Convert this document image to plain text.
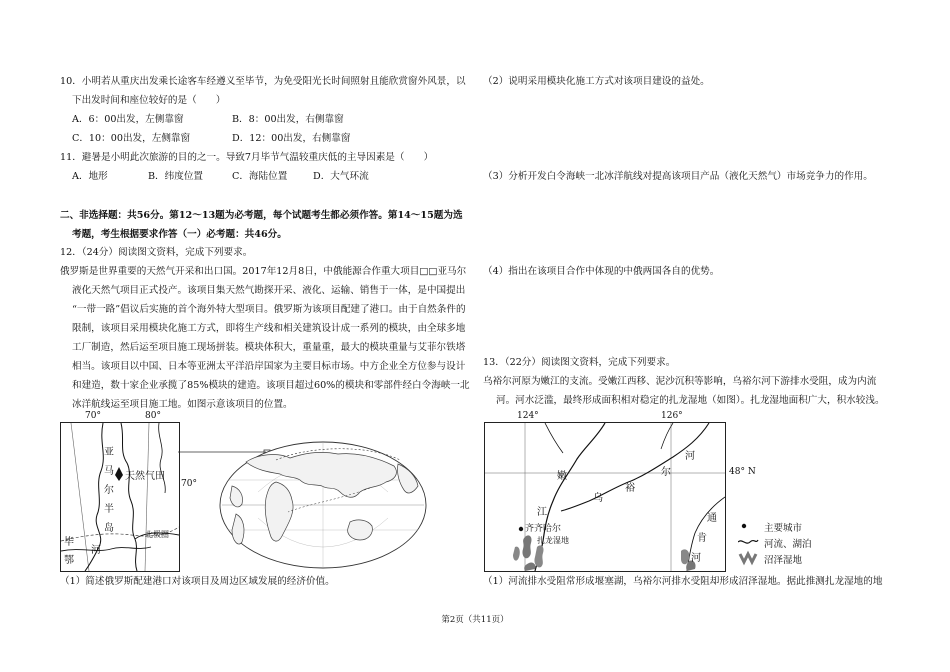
10．小明若从重庆出发乘长途客车经遵义至毕节，为免受阳光长时间照射且能欣赏窗外风景，以
下出发时间和座位较好的是（　　）
A．6：00出发，左侧靠窗	B．8：00出发，右侧靠窗
C．10：00出发，左侧靠窗	D．12：00出发，右侧靠窗
11．避暑是小明此次旅游的目的之一。导致7月毕节气温较重庆低的主导因素是（　　）
A．地形	B．纬度位置	C．海陆位置	D．大气环流
二、非选择题：共56分。第12～13题为必考题，每个试题考生都必须作答。第14～15题为选
考题，考生根据要求作答（一）必考题：共46分。
12．（24分）阅读图文资料，完成下列要求。
俄罗斯是世界重要的天然气开采和出口国。2017年12月8日，中俄能源合作重大项目□□亚马尔
液化天然气项目正式投产。该项目集天然气勘探开采、液化、运输、销售于一体，是中国提出
“一带一路”倡议后实施的首个海外特大型项目。俄罗斯为该项目配建了港口。由于自然条件的
限制，该项目采用模块化施工方式，即将生产线和相关建筑设计成一系列的模块，由全球多地
工厂制造，然后运至项目施工现场拼装。模块体积大，重量重，最大的模块重量与艾菲尔铁塔
相当。该项目以中国、日本等亚洲太平洋沿岸国家为主要目标市场。中方企业全方位参与设计
和建造，数十家企业承揽了85%模块的建造。该项目超过60%的模块和零部件经白令海峡一北
冰洋航线运至项目施工地。如图示意该项目的位置。
70°	80°
70°
亚
马
尔
半
岛
天然气田
北极圈
毕
鄂
河
（1）简述俄罗斯配建港口对该项目及周边区域发展的经济价值。
（2）说明采用模块化施工方式对该项目建设的益处。
（3）分析开发白令海峡一北冰洋航线对提高该项目产品（液化天然气）市场竞争力的作用。
（4）指出在该项目合作中体现的中俄两国各自的优势。
13．（22分）阅读图文资料，完成下列要求。
乌裕尔河原为嫩江的支流。受嫩江西移、泥沙沉积等影响，乌裕尔河下游排水受阻，成为内流
河。河水泛滥，最终形成面积相对稳定的扎龙湿地（如图）。扎龙湿地面积广大，积水较浅。
124°	126°
48° N
嫩
江
乌
裕
尔
河
通
肯
河
齐齐哈尔
扎龙湿地
主要城市
河流、湖泊
沼泽湿地
（1）河流排水受阻常形成堰塞湖，乌裕尔河排水受阻却形成沼泽湿地。据此推测扎龙湿地的地
第2页（共11页）
